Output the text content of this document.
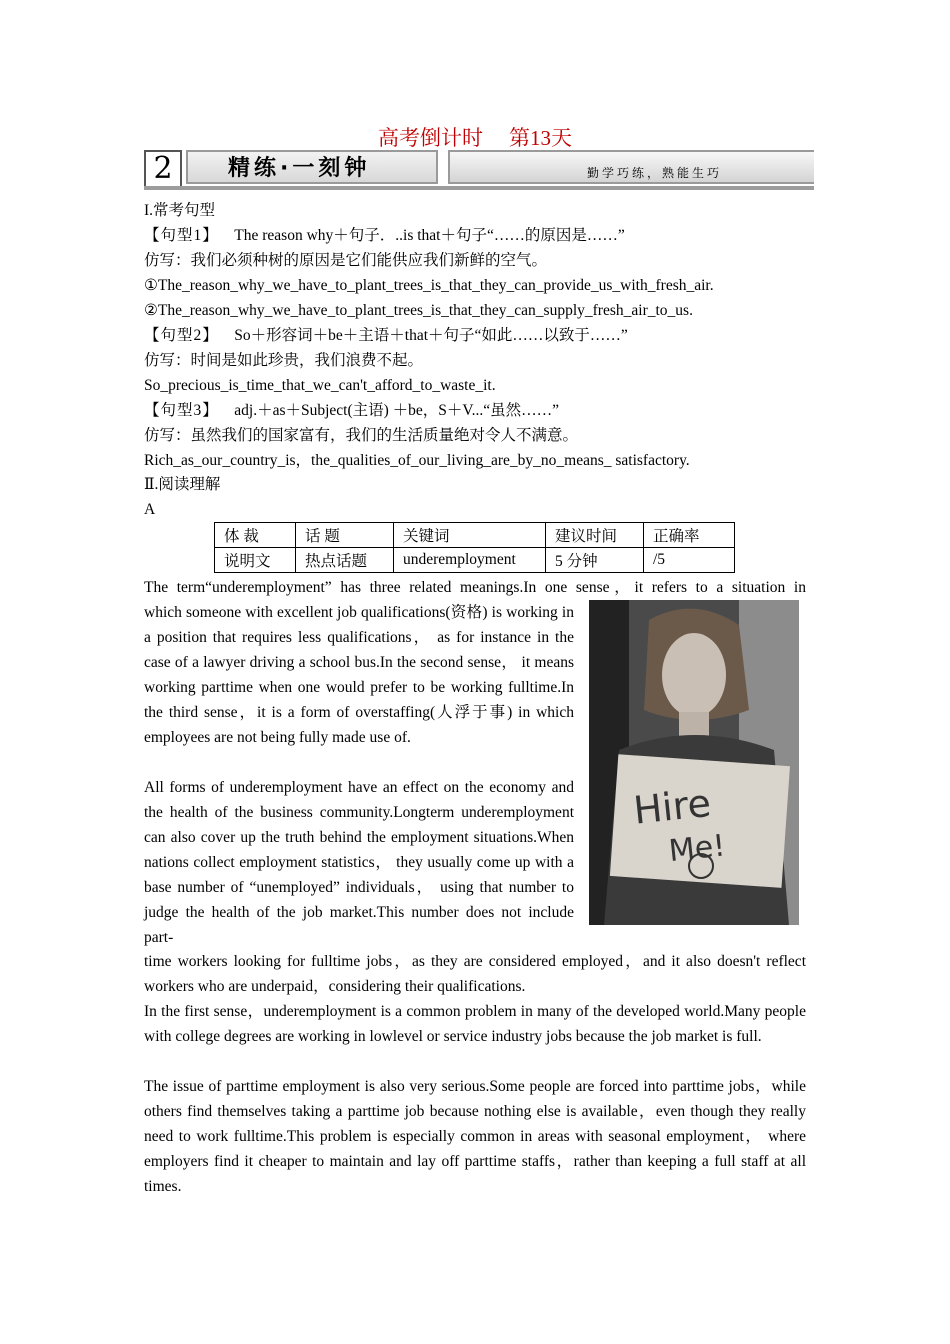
高考倒计时 第13天
2	精练·一刻钟	勤学巧练，熟能生巧
I.常考句型
【句型1】 The reason why＋句子．..is that＋句子“……的原因是……”
仿写：我们必须种树的原因是它们能供应我们新鲜的空气。
①The_reason_why_we_have_to_plant_trees_is_that_they_can_provide_us_with_fresh_air.
②The_reason_why_we_have_to_plant_trees_is_that_they_can_supply_fresh_air_to_us.
【句型2】 So＋形容词＋be＋主语＋that＋句子“如此……以致于……”
仿写：时间是如此珍贵，我们浪费不起。
So_precious_is_time_that_we_can't_afford_to_waste_it.
【句型3】 adj.＋as＋Subject(主语) ＋be，S＋V...“虽然……”
仿写：虽然我们的国家富有，我们的生活质量绝对令人不满意。
Rich_as_our_country_is，the_qualities_of_our_living_are_by_no_means_ satisfactory.
Ⅱ.阅读理解
A
体 裁	话 题	关键词	建议时间	正确率
说明文	热点话题	underemployment	5 分钟	/5
The term“underemployment” has three related meanings.In one sense，it refers to a situation in
which someone with excellent job qualifications(资格) is working in a position that requires less qualifications， as for instance in the case of a lawyer driving a school bus.In the second sense， it means working parttime when one would prefer to be working fulltime.In the third sense，it is a form of overstaffing(人浮于事) in which employees are not being fully made use of.
All forms of underemployment have an effect on the economy and the health of the business community.Longterm underemployment can also cover up the truth behind the employment situations.When nations collect employment statistics， they usually come up with a base number of “unemployed” individuals， using that number to judge the health of the job market.This number does not include part-
time workers looking for fulltime jobs，as they are considered employed，and it also doesn't reflect workers who are underpaid，considering their qualifications.
In the first sense，underemployment is a common problem in many of the developed world.Many people with college degrees are working in lowlevel or service industry jobs because the job market is full.
The issue of parttime employment is also very serious.Some people are forced into parttime jobs，while others find themselves taking a parttime job because nothing else is available，even though they really need to work fulltime.This problem is especially common in areas with seasonal employment， where employers find it cheaper to maintain and lay off parttime staffs，rather than keeping a full staff at all times.
Hire
Me!
